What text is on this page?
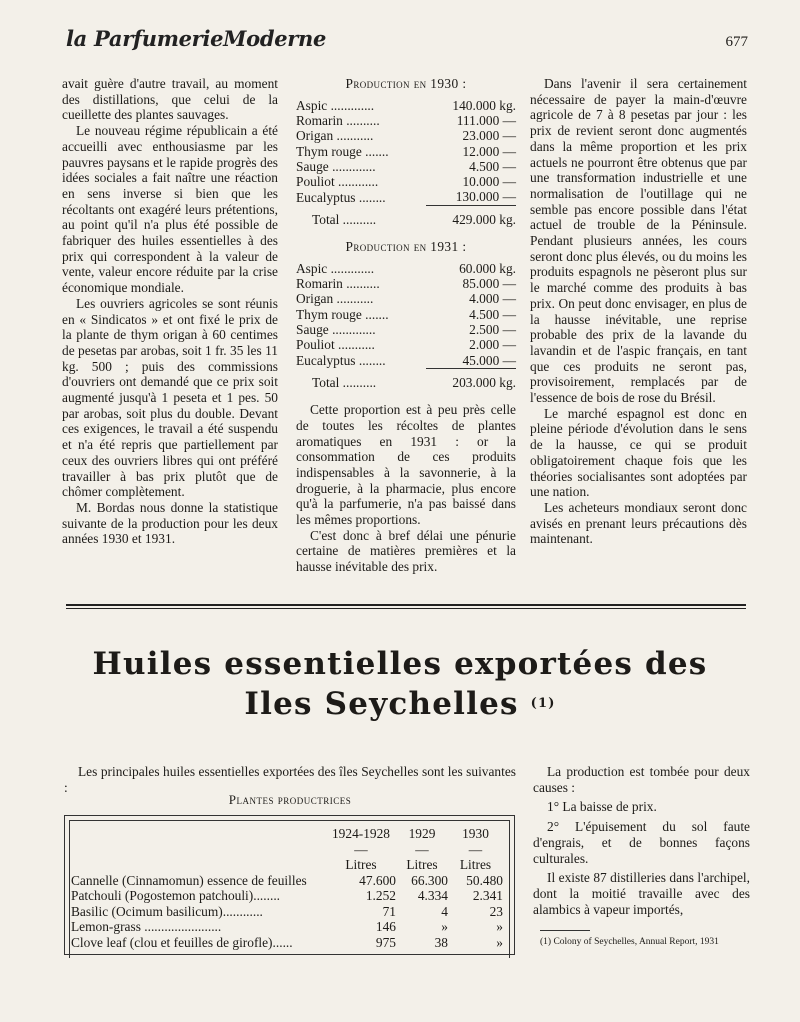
la ParfumerieModerne	677

avait guère d'autre travail, au moment des distillations, que celui de la cueillette des plantes sauvages.

Le nouveau régime républicain a été accueilli avec enthousiasme par les pauvres paysans et le rapide progrès des idées sociales a fait naître une réaction en sens inverse si bien que les récoltants ont exagéré leurs prétentions, au point qu'il n'a plus été possible de fabriquer des huiles essentielles à des prix qui correspondent à la valeur de vente, valeur encore réduite par la crise économique mondiale.

Les ouvriers agricoles se sont réunis en « Sindicatos » et ont fixé le prix de la plante de thym origan à 60 centimes de pesetas par arobas, soit 1 fr. 35 les 11 kg. 500 ; puis des commissions d'ouvriers ont demandé que ce prix soit augmenté jusqu'à 1 peseta et 1 pes. 50 par arobas, soit plus du double. Devant ces exigences, le travail a été suspendu et n'a été repris que partiellement par ceux des ouvriers libres qui ont préféré travailler à bas prix plutôt que de chômer complètement.

M. Bordas nous donne la statistique suivante de la production pour les deux années 1930 et 1931.

Production en 1930 :
Aspic .............	140.000 kg.
Romarin ..........	111.000 —
Origan ...........	23.000 —
Thym rouge .......	12.000 —
Sauge .............	4.500 —
Pouliot ............	10.000 —
Eucalyptus ........	130.000 —
Total ..........	429.000 kg.
Production en 1931 :
Aspic .............	60.000 kg.
Romarin ..........	85.000 —
Origan ...........	4.000 —
Thym rouge .......	4.500 —
Sauge .............	2.500 —
Pouliot ...........	2.000 —
Eucalyptus ........	45.000 —
Total ..........	203.000 kg.

Cette proportion est à peu près celle de toutes les récoltes de plantes aromatiques en 1931 : or la consommation de ces produits indispensables à la savonnerie, à la droguerie, à la pharmacie, plus encore qu'à la parfumerie, n'a pas baissé dans les mêmes proportions.

C'est donc à bref délai une pénurie certaine de matières premières et la hausse inévitable des prix.

Dans l'avenir il sera certainement nécessaire de payer la main-d'œuvre agricole de 7 à 8 pesetas par jour : les prix de revient seront donc augmentés dans la même proportion et les prix actuels ne pourront être obtenus que par une transformation industrielle et une normalisation de l'outillage qui ne semble pas encore possible dans l'état actuel de trouble de la Péninsule. Pendant plusieurs années, les cours seront donc plus élevés, ou du moins les produits espagnols ne pèseront plus sur le marché comme des produits à bas prix. On peut donc envisager, en plus de la hausse inévitable, une reprise probable des prix de la lavande du lavandin et de l'aspic français, en tant que ces produits ne seront pas, provisoirement, remplacés par de l'essence de bois de rose du Brésil.

Le marché espagnol est donc en pleine période d'évolution dans le sens de la hausse, ce qui se produit obligatoirement chaque fois que les théories socialisantes sont adoptées par une nation.

Les acheteurs mondiaux seront donc avisés en prenant leurs précautions dès maintenant.

Huiles essentielles exportées des
Iles Seychelles $^{(1)}$

Les principales huiles essentielles exportées des îles Seychelles sont les suivantes :

Plantes productrices
	1924-1928	1929	1930
	—	—	—
	Litres	Litres	Litres
Cannelle (Cinnamomun) essence de feuilles	47.600	66.300	50.480
Patchouli (Pogostemon patchouli)........	1.252	4.334	2.341
Basilic (Ocimum basilicum)............	71	4	23
Lemon-grass .......................	146	»	»
Clove leaf (clou et feuilles de girofle)......	975	38	»

La production est tombée pour deux causes :

1° La baisse de prix.

2° L'épuisement du sol faute d'engrais, et de bonnes façons culturales.

Il existe 87 distilleries dans l'archipel, dont la moitié travaille avec des alambics à vapeur importés,

(1) Colony of Seychelles, Annual Report, 1931
